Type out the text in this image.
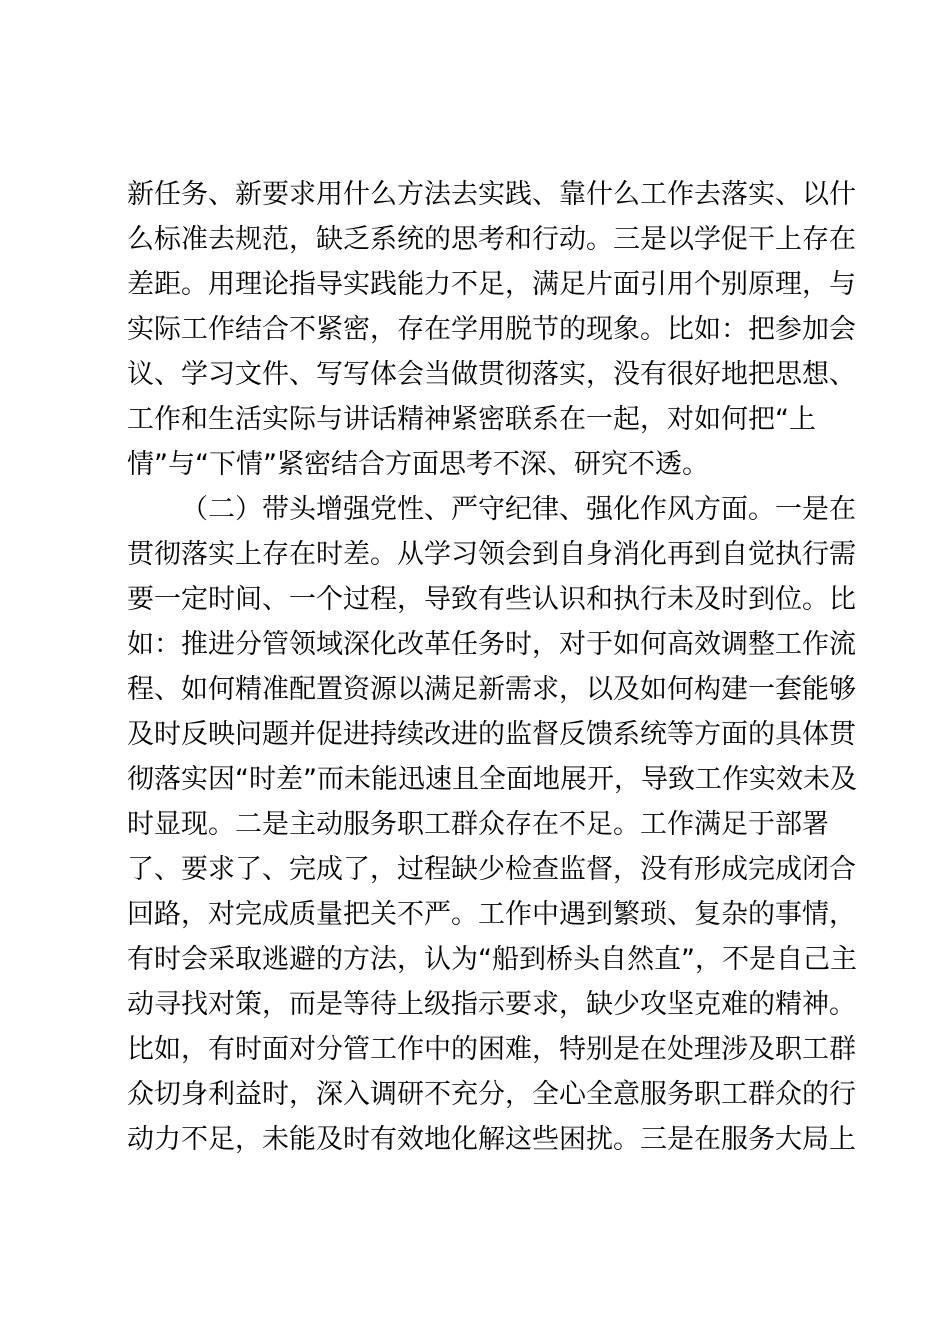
新任务、新要求用什么方法去实践、靠什么工作去落实、以什
么标准去规范，缺乏系统的思考和行动。三是以学促干上存在
差距。用理论指导实践能力不足，满足片面引用个别原理，与
实际工作结合不紧密，存在学用脱节的现象。比如：把参加会
议、学习文件、写写体会当做贯彻落实，没有很好地把思想、
工作和生活实际与讲话精神紧密联系在一起，对如何把“上
情”与“下情”紧密结合方面思考不深、研究不透。
（二）带头增强党性、严守纪律、强化作风方面。一是在
贯彻落实上存在时差。从学习领会到自身消化再到自觉执行需
要一定时间、一个过程，导致有些认识和执行未及时到位。比
如：推进分管领域深化改革任务时，对于如何高效调整工作流
程、如何精准配置资源以满足新需求，以及如何构建一套能够
及时反映问题并促进持续改进的监督反馈系统等方面的具体贯
彻落实因“时差”而未能迅速且全面地展开，导致工作实效未及
时显现。二是主动服务职工群众存在不足。工作满足于部署
了、要求了、完成了，过程缺少检查监督，没有形成完成闭合
回路，对完成质量把关不严。工作中遇到繁琐、复杂的事情，
有时会采取逃避的方法，认为“船到桥头自然直”，不是自己主
动寻找对策，而是等待上级指示要求，缺少攻坚克难的精神。
比如，有时面对分管工作中的困难，特别是在处理涉及职工群
众切身利益时，深入调研不充分，全心全意服务职工群众的行
动力不足，未能及时有效地化解这些困扰。三是在服务大局上
